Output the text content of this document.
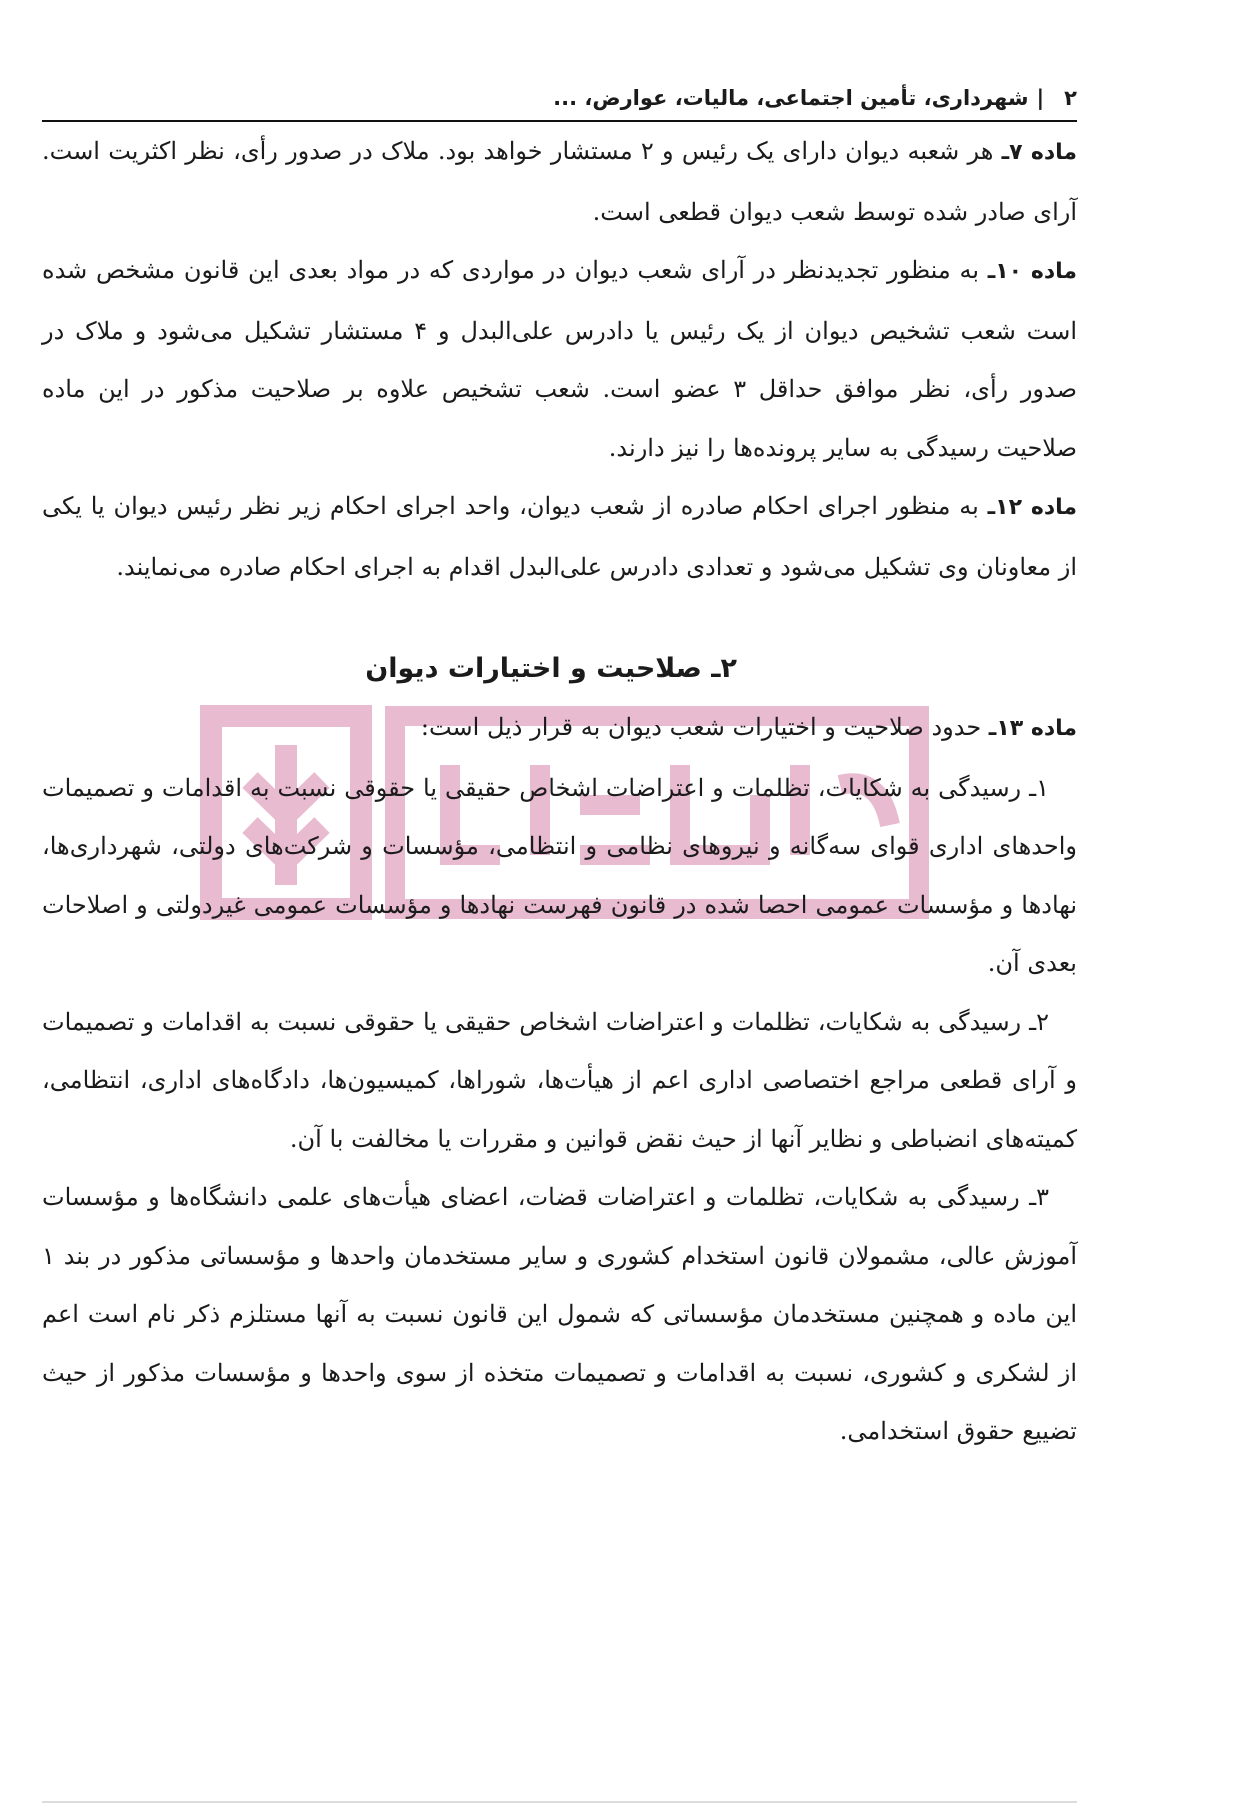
۲
|
شهرداری، تأمین اجتماعی، مالیات، عوارض، ...

ماده ۷ـ هر شعبه دیوان دارای یک رئیس و ۲ مستشار خواهد بود. ملاک در صدور رأی، نظر اکثریت است. آرای صادر شده توسط شعب دیوان قطعی است.

ماده ۱۰ـ به منظور تجدیدنظر در آرای شعب دیوان در مواردی که در مواد بعدی این قانون مشخص شده است شعب تشخیص دیوان از یک رئیس یا دادرس علی‌البدل و ۴ مستشار تشکیل می‌شود و ملاک در صدور رأی، نظر موافق حداقل ۳ عضو است. شعب تشخیص علاوه بر صلاحیت مذکور در این ماده صلاحیت رسیدگی به سایر پرونده‌ها را نیز دارند.

ماده ۱۲ـ به منظور اجرای احکام صادره از شعب دیوان، واحد اجرای احکام زیر نظر رئیس دیوان یا یکی از معاونان وی تشکیل می‌شود و تعدادی دادرس علی‌البدل اقدام به اجرای احکام صادره می‌نمایند.

۲ـ صلاحیت و اختیارات دیوان

ماده ۱۳ـ حدود صلاحیت و اختیارات شعب دیوان به قرار ذیل است:

۱ـ رسیدگی به شکایات، تظلمات و اعتراضات اشخاص حقیقی یا حقوقی نسبت به اقدامات و تصمیمات واحدهای اداری قوای سه‌گانه و نیروهای نظامی و انتظامی، مؤسسات و شرکت‌های دولتی، شهرداری‌ها، نهادها و مؤسسات عمومی احصا شده در قانون فهرست نهادها و مؤسسات عمومی غیردولتی و اصلاحات بعدی آن.

۲ـ رسیدگی به شکایات، تظلمات و اعتراضات اشخاص حقیقی یا حقوقی نسبت به اقدامات و تصمیمات و آرای قطعی مراجع اختصاصی اداری اعم از هیأت‌ها، شوراها، کمیسیون‌ها، دادگاه‌های اداری، انتظامی، کمیته‌های انضباطی و نظایر آنها از حیث نقض قوانین و مقررات یا مخالفت با آن.

۳ـ رسیدگی به شکایات، تظلمات و اعتراضات قضات، اعضای هیأت‌های علمی دانشگاه‌ها و مؤسسات آموزش عالی، مشمولان قانون استخدام کشوری و سایر مستخدمان واحدها و مؤسساتی مذکور در بند ۱ این ماده و همچنین مستخدمان مؤسساتی که شمول این قانون نسبت به آنها مستلزم ذکر نام است اعم از لشکری و کشوری، نسبت به اقدامات و تصمیمات متخذه از سوی واحدها و مؤسسات مذکور از حیث تضییع حقوق استخدامی.
